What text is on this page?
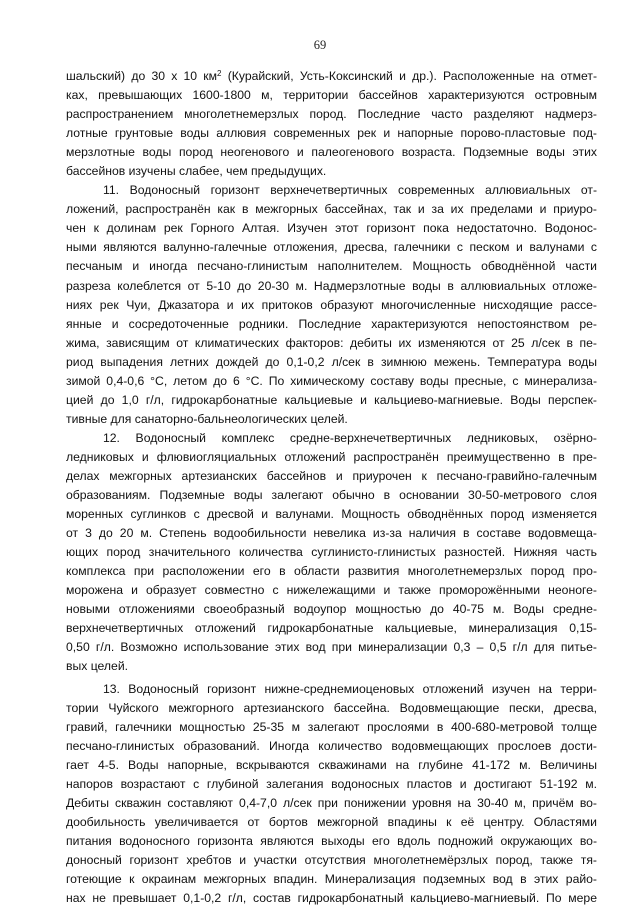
69
шальский) до 30 х 10 $км^2$ (Курайский, Усть-Коксинский и др.). Расположенные на отмет-
ках, превышающих 1600-1800 м, территории бассейнов характеризуются островным
распространением многолетнемерзлых пород. Последние часто разделяют надмерз-
лотные грунтовые воды аллювия современных рек и напорные порово-пластовые под-
мерзлотные воды пород неогенового и палеогенового возраста. Подземные воды этих
бассейнов изучены слабее, чем предыдущих.
11. Водоносный горизонт верхнечетвертичных современных аллювиальных от-
ложений, распространён как в межгорных бассейнах, так и за их пределами и приуро-
чен к долинам рек Горного Алтая. Изучен этот горизонт пока недостаточно. Водонос-
ными являются валунно-галечные отложения, дресва, галечники с песком и валунами с
песчаным и иногда песчано-глинистым наполнителем. Мощность обводнённой части
разреза колеблется от 5-10 до 20-30 м. Надмерзлотные воды в аллювиальных отложе-
ниях рек Чуи, Джазатора и их притоков образуют многочисленные нисходящие рассе-
янные и сосредоточенные родники. Последние характеризуются непостоянством ре-
жима, зависящим от климатических факторов: дебиты их изменяются от 25 л/сек в пе-
риод выпадения летних дождей до 0,1-0,2 л/сек в зимнюю межень. Температура воды
зимой 0,4-0,6 °С, летом до 6 °С. По химическому составу воды пресные, с минерализа-
цией до 1,0 г/л, гидрокарбонатные кальциевые и кальциево-магниевые. Воды перспек-
тивные для санаторно-бальнеологических целей.
12. Водоносный комплекс средне-верхнечетвертичных ледниковых, озёрно-
ледниковых и флювиогляциальных отложений распространён преимущественно в пре-
делах межгорных артезианских бассейнов и приурочен к песчано-гравийно-галечным
образованиям. Подземные воды залегают обычно в основании 30-50-метрового слоя
моренных суглинков с дресвой и валунами. Мощность обводнённых пород изменяется
от 3 до 20 м. Степень водообильности невелика из-за наличия в составе водовмеща-
ющих пород значительного количества суглинисто-глинистых разностей. Нижняя часть
комплекса при расположении его в области развития многолетнемерзлых пород про-
морожена и образует совместно с нижележащими и также проморожёнными неоноге-
новыми отложениями своеобразный водоупор мощностью до 40-75 м. Воды средне-
верхнечетвертичных отложений гидрокарбонатные кальциевые, минерализация 0,15-
0,50 г/л. Возможно использование этих вод при минерализации 0,3 – 0,5 г/л для питье-
вых целей.
13. Водоносный горизонт нижне-среднемиоценовых отложений изучен на терри-
тории Чуйского межгорного артезианского бассейна. Водовмещающие пески, дресва,
гравий, галечники мощностью 25-35 м залегают прослоями в 400-680-метровой толще
песчано-глинистых образований. Иногда количество водовмещающих прослоев дости-
гает 4-5. Воды напорные, вскрываются скважинами на глубине 41-172 м. Величины
напоров возрастают с глубиной залегания водоносных пластов и достигают 51-192 м.
Дебиты скважин составляют 0,4-7,0 л/сек при понижении уровня на 30-40 м, причём во-
дообильность увеличивается от бортов межгорной впадины к её центру. Областями
питания водоносного горизонта являются выходы его вдоль подножий окружающих во-
доносный горизонт хребтов и участки отсутствия многолетнемёрзлых пород, также тя-
готеющие к окраинам межгорных впадин. Минерализация подземных вод в этих райо-
нах не превышает 0,1-0,2 г/л, состав гидрокарбонатный кальциево-магниевый. По мере
